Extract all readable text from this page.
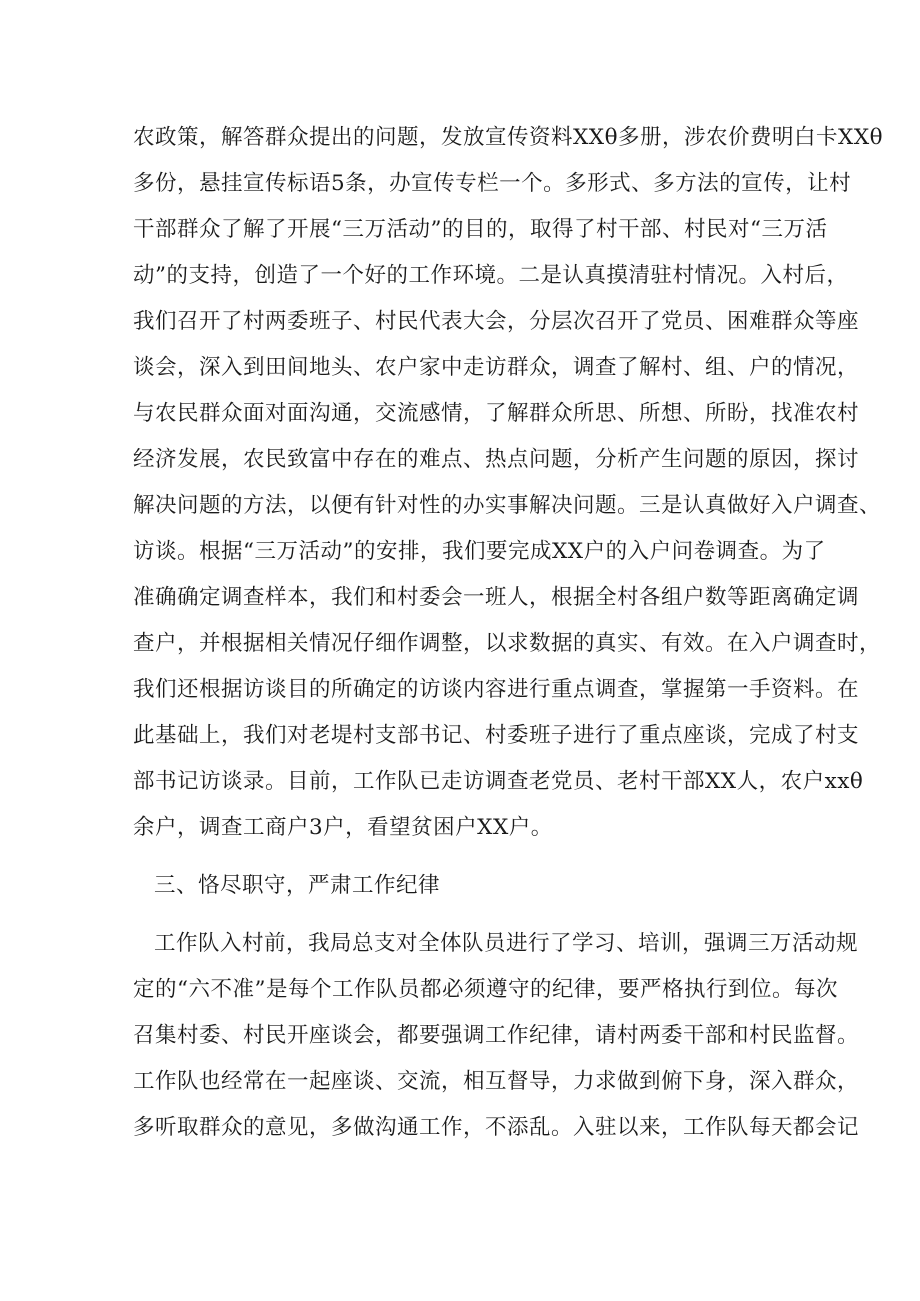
农政策，解答群众提出的问题，发放宣传资料XXθ多册，涉农价费明白卡XXθ
多份，悬挂宣传标语5条，办宣传专栏一个。多形式、多方法的宣传，让村
干部群众了解了开展“三万活动”的目的，取得了村干部、村民对“三万活
动”的支持，创造了一个好的工作环境。二是认真摸清驻村情况。入村后，
我们召开了村两委班子、村民代表大会，分层次召开了党员、困难群众等座
谈会，深入到田间地头、农户家中走访群众，调查了解村、组、户的情况，
与农民群众面对面沟通，交流感情，了解群众所思、所想、所盼，找准农村
经济发展，农民致富中存在的难点、热点问题，分析产生问题的原因，探讨
解决问题的方法，以便有针对性的办实事解决问题。三是认真做好入户调查、
访谈。根据“三万活动”的安排，我们要完成XX户的入户问卷调查。为了
准确确定调查样本，我们和村委会一班人，根据全村各组户数等距离确定调
查户，并根据相关情况仔细作调整，以求数据的真实、有效。在入户调查时，
我们还根据访谈目的所确定的访谈内容进行重点调查，掌握第一手资料。在
此基础上，我们对老堤村支部书记、村委班子进行了重点座谈，完成了村支
部书记访谈录。目前，工作队已走访调查老党员、老村干部XX人，农户xxθ
余户，调查工商户3户，看望贫困户XX户。
三、恪尽职守，严肃工作纪律
工作队入村前，我局总支对全体队员进行了学习、培训，强调三万活动规
定的“六不准”是每个工作队员都必须遵守的纪律，要严格执行到位。每次
召集村委、村民开座谈会，都要强调工作纪律，请村两委干部和村民监督。
工作队也经常在一起座谈、交流，相互督导，力求做到俯下身，深入群众，
多听取群众的意见，多做沟通工作，不添乱。入驻以来，工作队每天都会记
